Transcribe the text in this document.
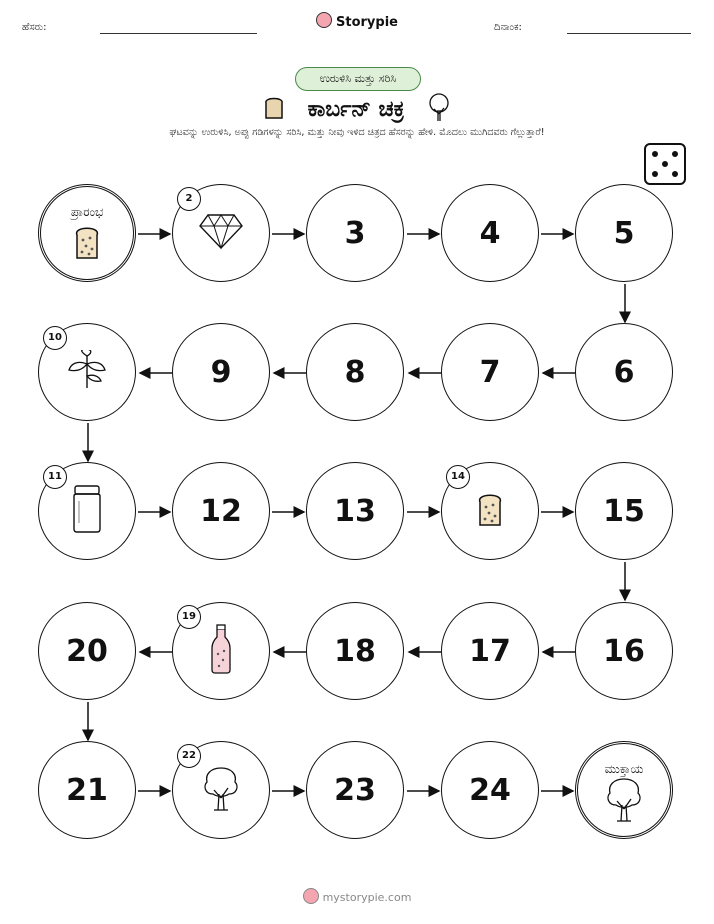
ಹೆಸರು:	Storypie	ದಿನಾಂಕ:
ಉರುಳಿಸಿ ಮತ್ತು ಸರಿಸಿ
ಕಾರ್ಬನ್ ಚಕ್ರ
ಘಟವನ್ನು ಉರುಳಿಸಿ, ಅಪ್ಪು ಗಡಿಗಳನ್ನು ಸರಿಸಿ, ಮತ್ತು ನೀವು ಇಳಿದ ಚಿತ್ರದ ಹೆಸರನ್ನು ಹೇಳಿ. ಮೊದಲು ಮುಗಿದವರು ಗೆಲ್ಲುತ್ತಾರೆ!
ಪ್ರಾರಂಭ
2
3	4	5
10
9	8	7	6
11
12	13
14
15
20
19
18	17	16
21
22
23	24
ಮುಕ್ತಾಯ
mystorypie.com
